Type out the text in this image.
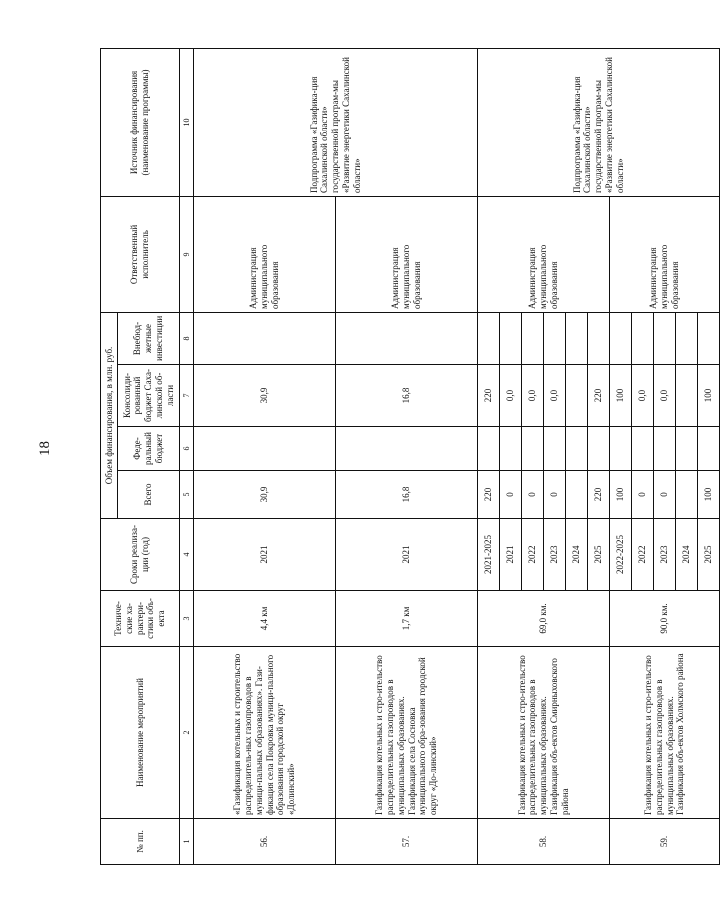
18
№ пп.	Наименование мероприятий	Техниче-ские ха-рактери-стики объ-екта	Сроки реализа-ции (год)	Объем финансирования, в млн. руб.				Ответственный исполнитель	Источник финансирования (наименование программы)
				Всего	Феде-ральный бюджет	Консолиди-рованный бюджет Саха-линской об-ласти	Внебюд-жетные инвестиции		
1	2	3	4	5	6	7	8	9	10
56.	«Газификация котельных и строительство распределитель-ных газопроводов в муници-пальных образованиях». Гази-фикация села Покровка муници-пального образования городской округ «Долинский»	4,4 км	2021	30,9		30,9		Администрация муниципального образования	Подпрограмма «Газифика-ция Сахалинской области» государственной програм-мы «Развитие энергетики Сахалинской области»
57.	Газификация котельных и стро-ительство распределительных газопроводов в муниципальных образованиях. Газификация села Сосновка муниципального обра-зования городской округ «До-линский»	1,7 км	2021	16,8		16,8		Администрация муниципального образования	
58.	Газификация котельных и стро-ительство распределительных газопроводов в муниципальных образованиях. Газификация объ-ектов Смирныховского района	69,0 км.	2021-2025	220		220		Администрация муниципального образования	Подпрограмма «Газифика-ция Сахалинской области» государственной програм-мы «Развитие энергетики Сахалинской области»
			2021	0		0,0			
			2022	0		0,0			
			2023	0		0,0			
			2024						
			2025	220		220			
59.	Газификация котельных и стро-ительство распределительных газопроводов в муниципальных образованиях. Газификация объ-ектов Холмского района	90,0 км.	2022-2025	100		100		Администрация муниципального образования	
			2022	0		0,0			
			2023	0		0,0			
			2024						
			2025	100		100			
